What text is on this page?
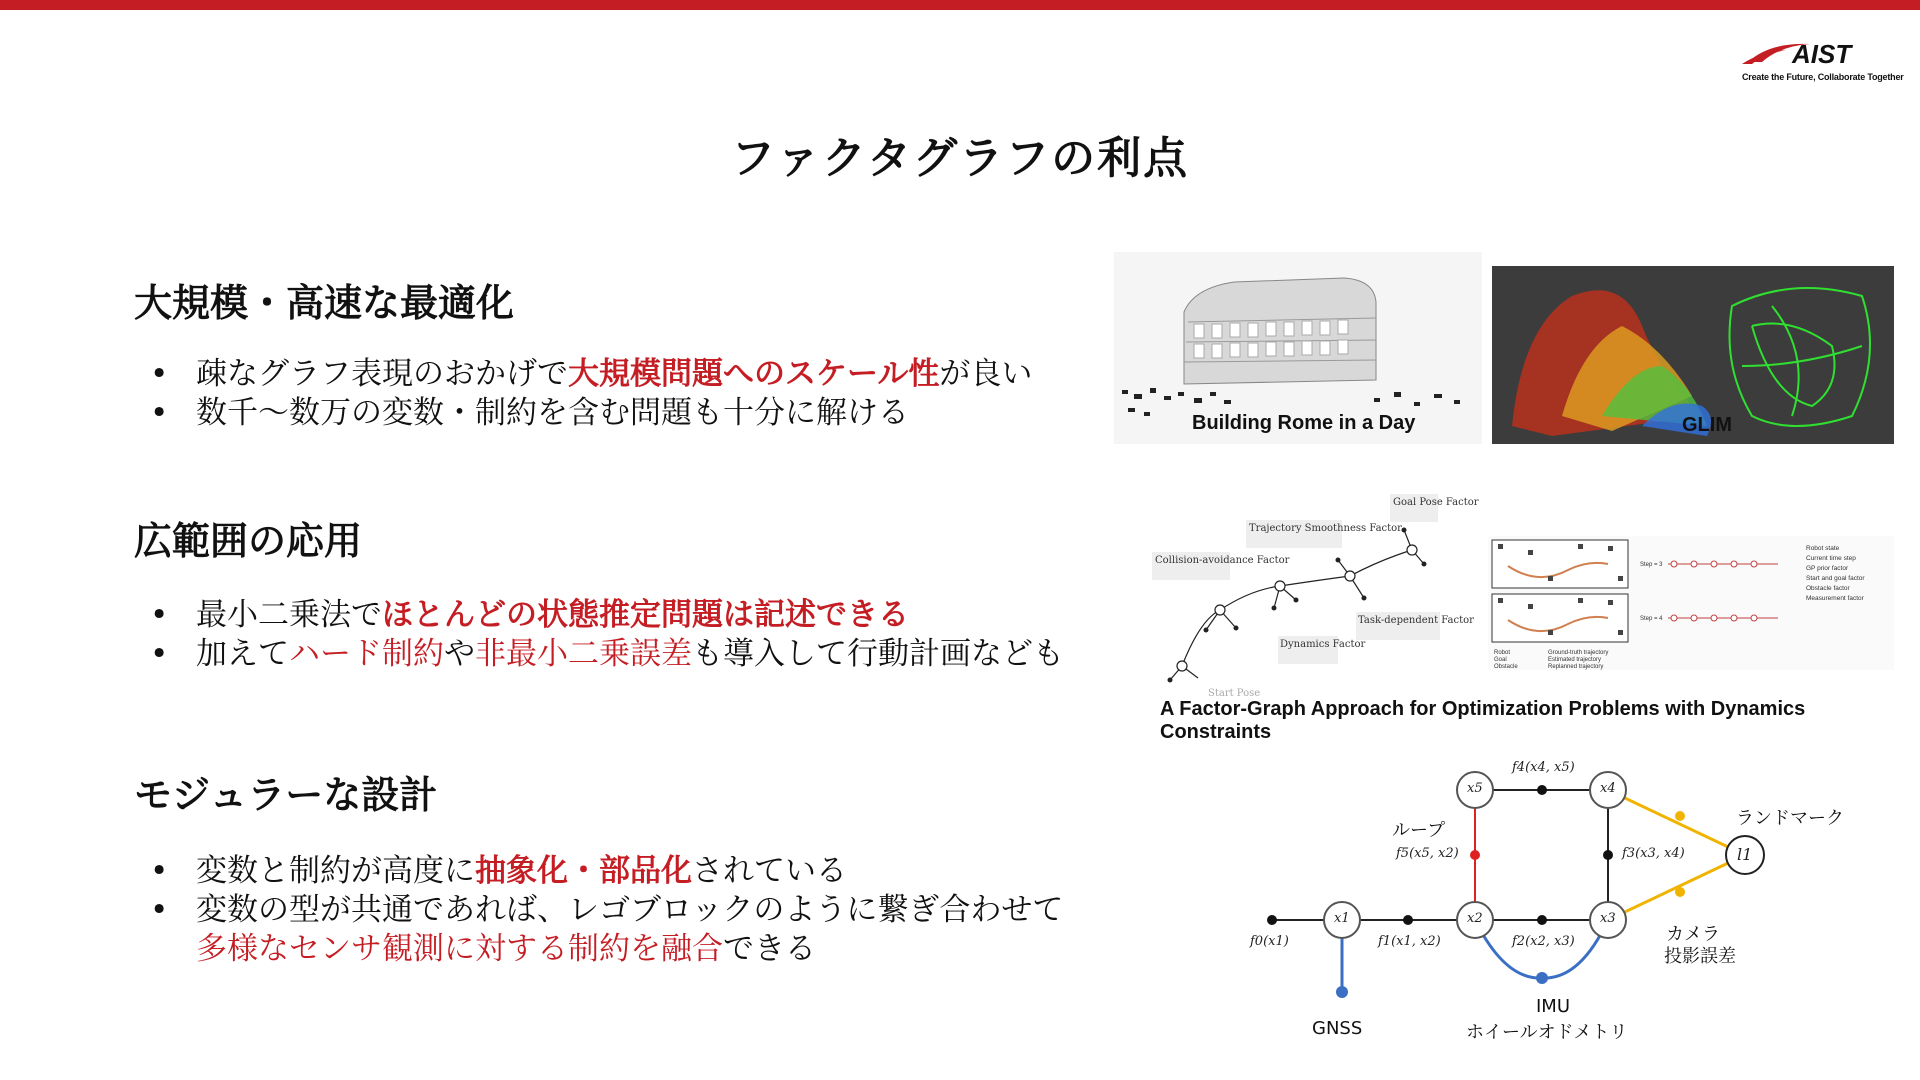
AIST
Create the Future, Collaborate Together
ファクタグラフの利点
大規模・高速な最適化
• 疎なグラフ表現のおかげで大規模問題へのスケール性が良い
• 数千〜数万の変数・制約を含む問題も十分に解ける
広範囲の応用
• 最小二乗法でほとんどの状態推定問題は記述できる
• 加えてハード制約や非最小二乗誤差も導入して行動計画なども
モジュラーな設計
• 変数と制約が高度に抽象化・部品化されている
• 変数の型が共通であれば、レゴブロックのように繋ぎ合わせて
多様なセンサ観測に対する制約を融合できる
Building Rome in a Day	GLIM
Goal Pose Factor
Trajectory Smoothness Factor
Collision-avoidance Factor
Task-dependent Factor
Dynamics Factor
Start Pose
Robot
Goal
Obstacle
Ground-truth trajectory
Estimated trajectory
Replanned trajectory
Step = 3
Step = 4
Robot state
Current time step
GP prior factor
Start and goal factor
Obstacle factor
Measurement factor
A Factor-Graph Approach for Optimization Problems with Dynamics Constraints
x1	x2	x3
x4
x5
l1
f0(x1)	f1(x1, x2)	f2(x2, x3)
f3(x3, x4)
f4(x4, x5)
f5(x5, x2)
ループ
ランドマーク
カメラ
投影誤差
IMU
ホイールオドメトリ
GNSS
